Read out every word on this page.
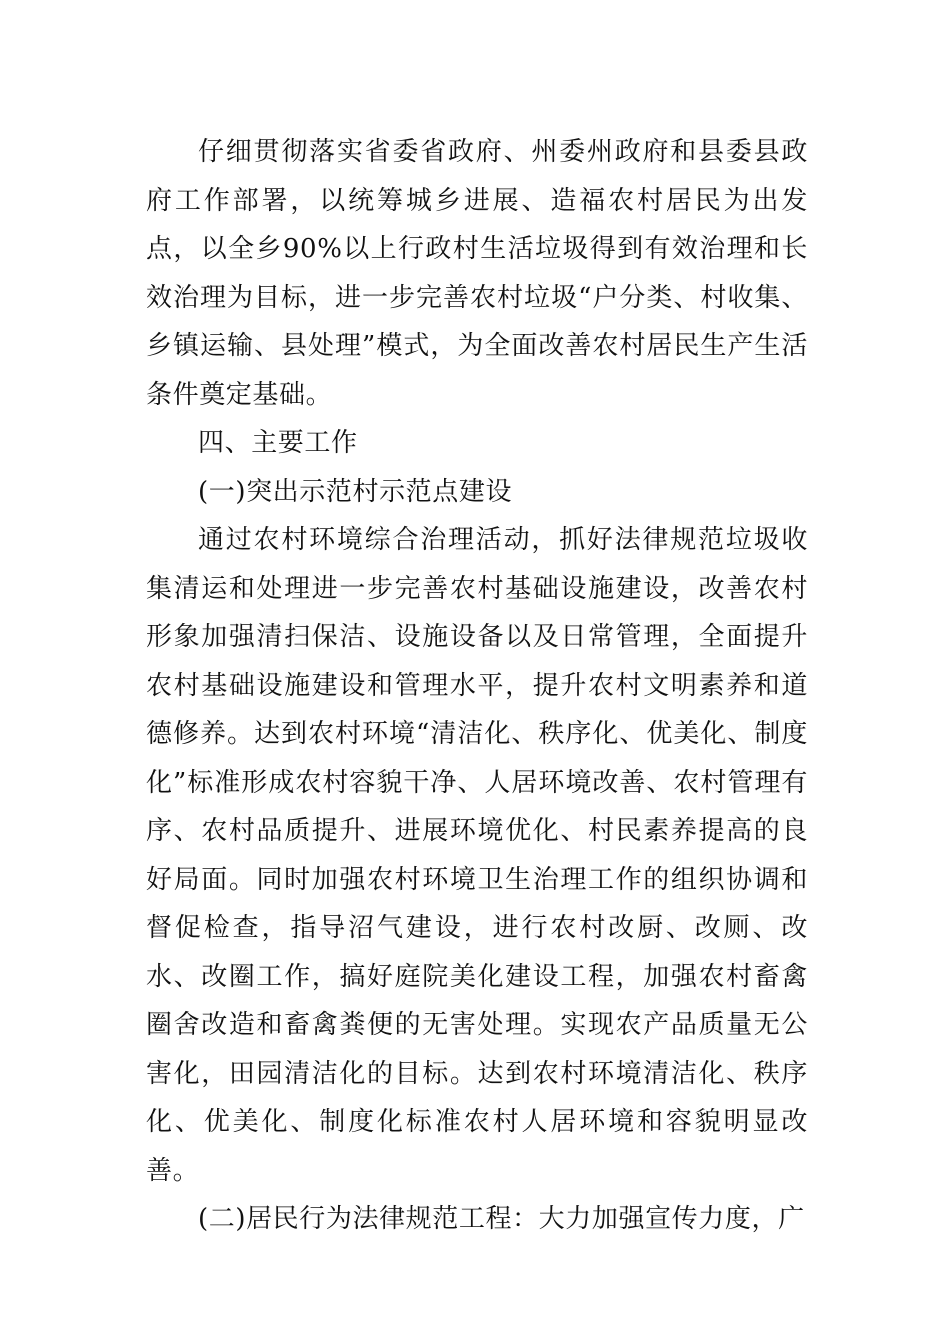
仔细贯彻落实省委省政府、州委州政府和县委县政府工作部署，以统筹城乡进展、造福农村居民为出发点，以全乡90%以上行政村生活垃圾得到有效治理和长效治理为目标，进一步完善农村垃圾“户分类、村收集、乡镇运输、县处理”模式，为全面改善农村居民生产生活条件奠定基础。

四、主要工作

(一)突出示范村示范点建设

通过农村环境综合治理活动，抓好法律规范垃圾收集清运和处理进一步完善农村基础设施建设，改善农村形象加强清扫保洁、设施设备以及日常管理，全面提升农村基础设施建设和管理水平，提升农村文明素养和道德修养。达到农村环境“清洁化、秩序化、优美化、制度化”标准形成农村容貌干净、人居环境改善、农村管理有序、农村品质提升、进展环境优化、村民素养提高的良好局面。同时加强农村环境卫生治理工作的组织协调和督促检查，指导沼气建设，进行农村改厨、改厕、改水、改圈工作，搞好庭院美化建设工程，加强农村畜禽圈舍改造和畜禽粪便的无害处理。实现农产品质量无公害化，田园清洁化的目标。达到农村环境清洁化、秩序化、优美化、制度化标准农村人居环境和容貌明显改善。

(二)居民行为法律规范工程：大力加强宣传力度，广
